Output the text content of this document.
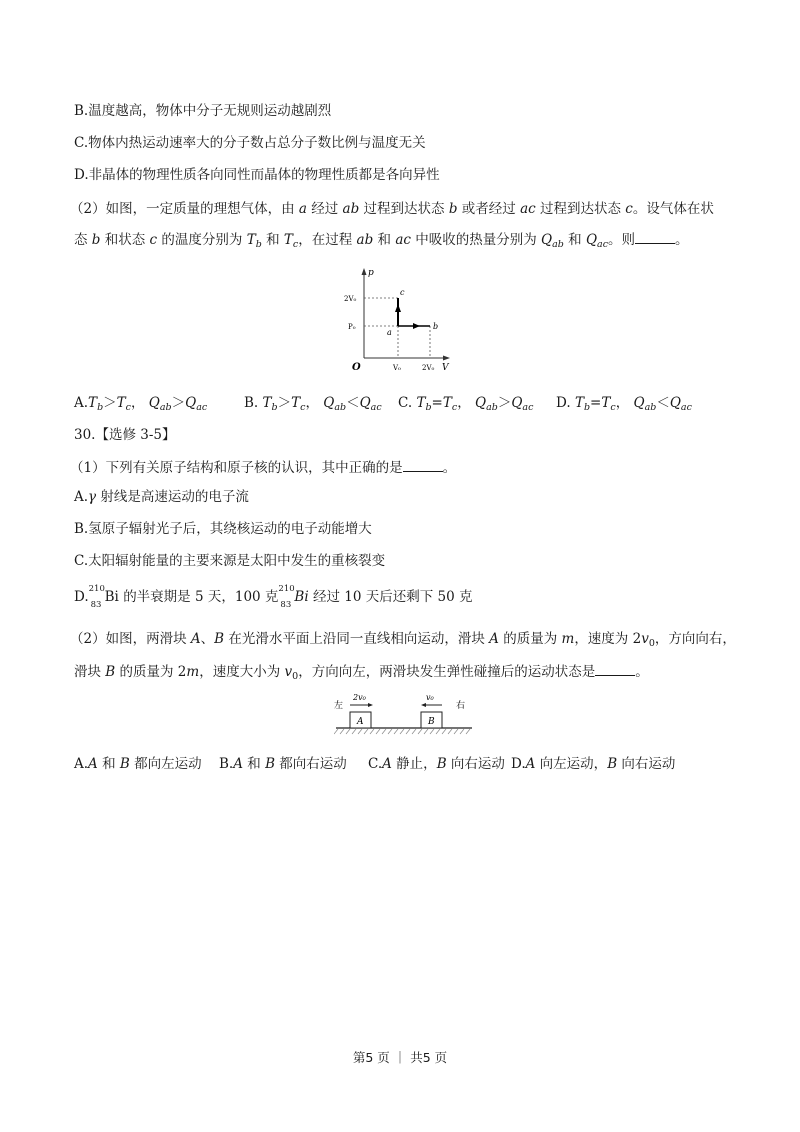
B.温度越高，物体中分子无规则运动越剧烈
C.物体内热运动速率大的分子数占总分子数比例与温度无关
D.非晶体的物理性质各向同性而晶体的物理性质都是各向异性
（2）如图，一定质量的理想气体，由 a 经过 ab 过程到达状态 b 或者经过 ac 过程到达状态 c。设气体在状
态 b 和状态 c 的温度分别为 $T_b$ 和 $T_c$，在过程 ab 和 ac 中吸收的热量分别为 $Q_{ab}$ 和 $Q_{ac}$。则	。
p
V
O
2V₀
P₀
V₀	2V₀
a
b
c
$A.T_b>T_c$， $Q_{ab}>Q_{ac}$	B. $T_b>T_c$， $Q_{ab}<Q_{ac}$ C. $T_b=T_c$， $Q_{ab}>Q_{ac}$ D. $T_b=T_c$， $Q_{ab}<Q_{ac}$
30.【选修 3-5】
（1）下列有关原子结构和原子核的认识，其中正确的是	。
A.γ 射线是高速运动的电子流
B.氢原子辐射光子后，其绕核运动的电子动能增大
C.太阳辐射能量的主要来源是太阳中发生的重核裂变
D.
210
83 Bi 的半衰期是 5 天，100 克
210
83 Bi 经过 10 天后还剩下 50 克
（2）如图，两滑块 A、B 在光滑水平面上沿同一直线相向运动，滑块 A 的质量为 m，速度为 $2v_0$，方向向右，
滑块 B 的质量为 2m，速度大小为 $v_0$，方向向左，两滑块发生弹性碰撞后的运动状态是	。
A	B
左	右
2v₀	v₀
A.A 和 B 都向左运动 B.A 和 B 都向右运动 C.A 静止，B 向右运动 D.A 向左运动，B 向右运动
第5 页 ｜ 共5 页
